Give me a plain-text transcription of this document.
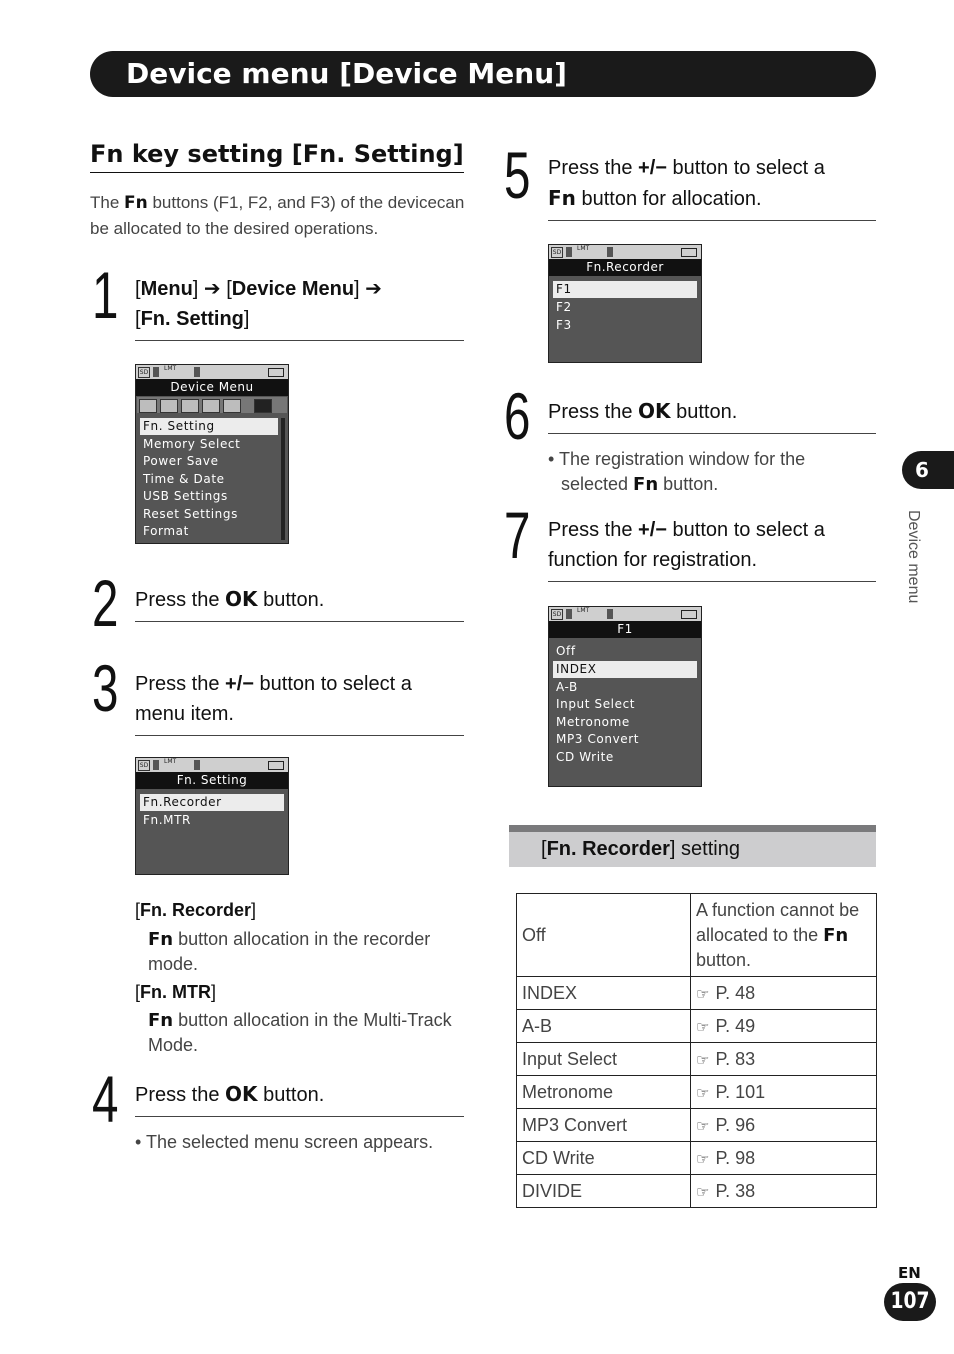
Device menu [Device Menu]
Fn key setting [Fn. Setting]
The Fn buttons (F1, F2, and F3) of the devicecan be allocated to the desired operations.
1 [Menu] ➔ [Device Menu] ➔
[Fn. Setting]
SD
LMT
Device Menu
Fn. Setting
Memory Select
Power Save
Time & Date
USB Settings
Reset Settings
Format
2 Press the OK button.
3 Press the +/− button to select a
menu item.
SD
LMT
Fn. Setting
Fn.Recorder
Fn.MTR
[Fn. Recorder]
Fn button allocation in the recorder
mode.
[Fn. MTR]
Fn button allocation in the Multi-Track
Mode.
4 Press the OK button.
• The selected menu screen appears.
5 Press the +/− button to select a
Fn button for allocation.
SD
LMT
Fn.Recorder
F1
F2
F3
6 Press the OK button.
• The registration window for the
selected Fn button.
7 Press the +/− button to select a
function for registration.
SD
LMT
F1
Off
INDEX
A-B
Input Select
Metronome
MP3 Convert
CD Write
[Fn. Recorder] setting
Off	A function cannot be allocated to the Fn button.
INDEX	☞ P. 48
A-B	☞ P. 49
Input Select	☞ P. 83
Metronome	☞ P. 101
MP3 Convert	☞ P. 96
CD Write	☞ P. 98
DIVIDE	☞ P. 38
6
Device menu
EN
107
